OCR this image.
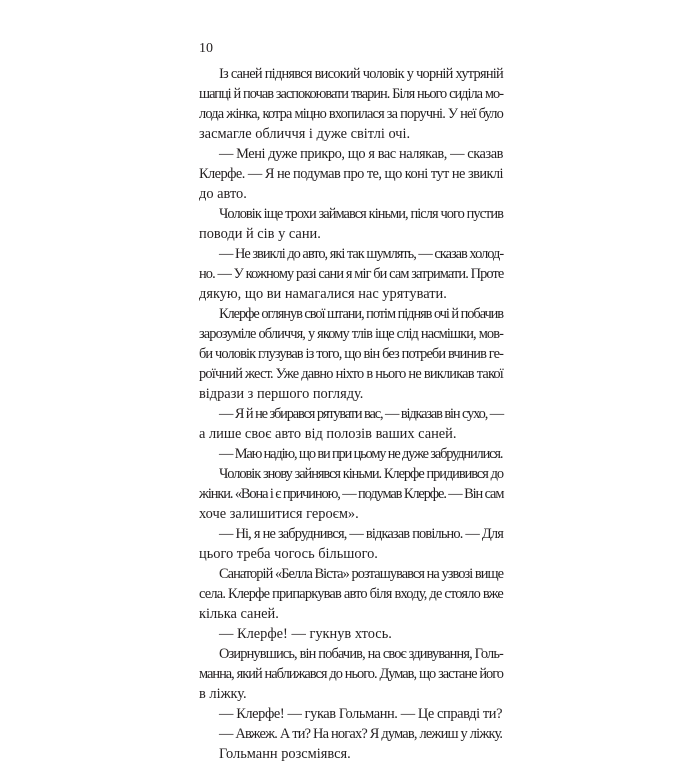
10
Із саней піднявся високий чоловік у чорній хутряній
шапці й почав заспокоювати тварин. Біля нього сиділа мо-
лода жінка, котра міцно вхопилася за поручні. У неї було
засмагле обличчя і дуже світлі очі.
— Мені дуже прикро, що я вас налякав, — сказав
Клерфе. — Я не подумав про те, що коні тут не звиклі
до авто.
Чоловік іще трохи займався кіньми, після чого пустив
поводи й сів у сани.
— Не звиклі до авто, які так шумлять, — сказав холод-
но. — У кожному разі сани я міг би сам затримати. Проте
дякую, що ви намагалися нас урятувати.
Клерфе оглянув свої штани, потім підняв очі й побачив
зарозуміле обличчя, у якому тлів іще слід насмішки, мов-
би чоловік глузував із того, що він без потреби вчинив ге-
роїчний жест. Уже давно ніхто в нього не викликав такої
відрази з першого погляду.
— Я й не збирався рятувати вас, — відказав він сухо, —
а лише своє авто від полозів ваших саней.
— Маю надію, що ви при цьому не дуже забруднилися.
Чоловік знову зайнявся кіньми. Клерфе придивився до
жінки. «Вона і є причиною, — подумав Клерфе. — Він сам
хоче залишитися героєм».
— Ні, я не забруднився, — відказав повільно. — Для
цього треба чогось більшого.
Санаторій «Белла Віста» розташувався на узвозі вище
села. Клерфе припаркував авто біля входу, де стояло вже
кілька саней.
— Клерфе! — гукнув хтось.
Озирнувшись, він побачив, на своє здивування, Голь-
манна, який наближався до нього. Думав, що застане його
в ліжку.
— Клерфе! — гукав Гольманн. — Це справді ти?
— Авжеж. А ти? На ногах? Я думав, лежиш у ліжку.
Гольманн розсміявся.
